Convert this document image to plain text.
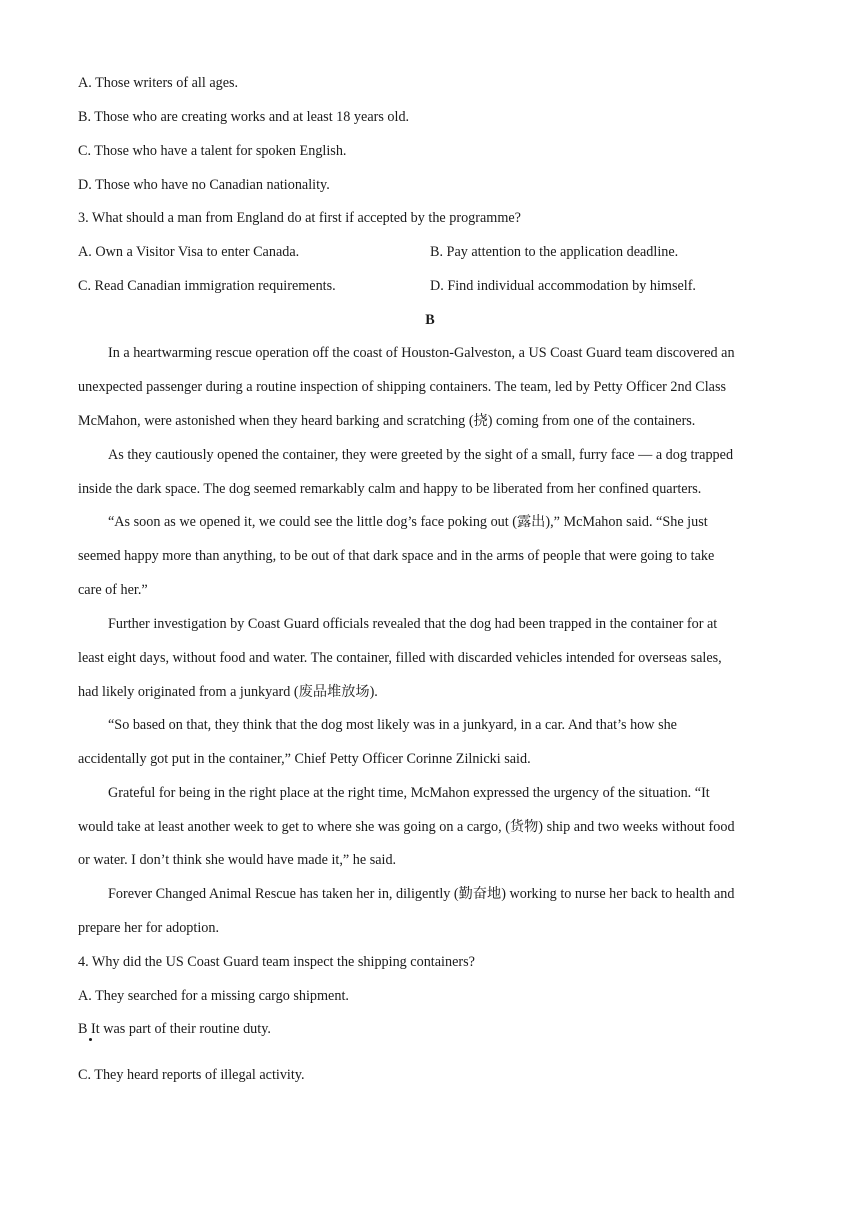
A. Those writers of all ages.
B. Those who are creating works and at least 18 years old.
C. Those who have a talent for spoken English.
D. Those who have no Canadian nationality.
3. What should a man from England do at first if accepted by the programme?
A. Own a Visitor Visa to enter Canada.	B. Pay attention to the application deadline.
C. Read Canadian immigration requirements.	D. Find individual accommodation by himself.
B
In a heartwarming rescue operation off the coast of Houston-Galveston, a US Coast Guard team discovered an
unexpected passenger during a routine inspection of shipping containers. The team, led by Petty Officer 2nd Class
McMahon, were astonished when they heard barking and scratching (挠) coming from one of the containers.
As they cautiously opened the container, they were greeted by the sight of a small, furry face — a dog trapped
inside the dark space. The dog seemed remarkably calm and happy to be liberated from her confined quarters.
“As soon as we opened it, we could see the little dog’s face poking out (露出),” McMahon said. “She just
seemed happy more than anything, to be out of that dark space and in the arms of people that were going to take
care of her.”
Further investigation by Coast Guard officials revealed that the dog had been trapped in the container for at
least eight days, without food and water. The container, filled with discarded vehicles intended for overseas sales,
had likely originated from a junkyard (废品堆放场).
“So based on that, they think that the dog most likely was in a junkyard, in a car. And that’s how she
accidentally got put in the container,” Chief Petty Officer Corinne Zilnicki said.
Grateful for being in the right place at the right time, McMahon expressed the urgency of the situation. “It
would take at least another week to get to where she was going on a cargo, (货物) ship and two weeks without food
or water. I don’t think she would have made it,” he said.
Forever Changed Animal Rescue has taken her in, diligently (勤奋地) working to nurse her back to health and
prepare her for adoption.
4. Why did the US Coast Guard team inspect the shipping containers?
A. They searched for a missing cargo shipment.
B It was part of their routine duty.
C. They heard reports of illegal activity.
